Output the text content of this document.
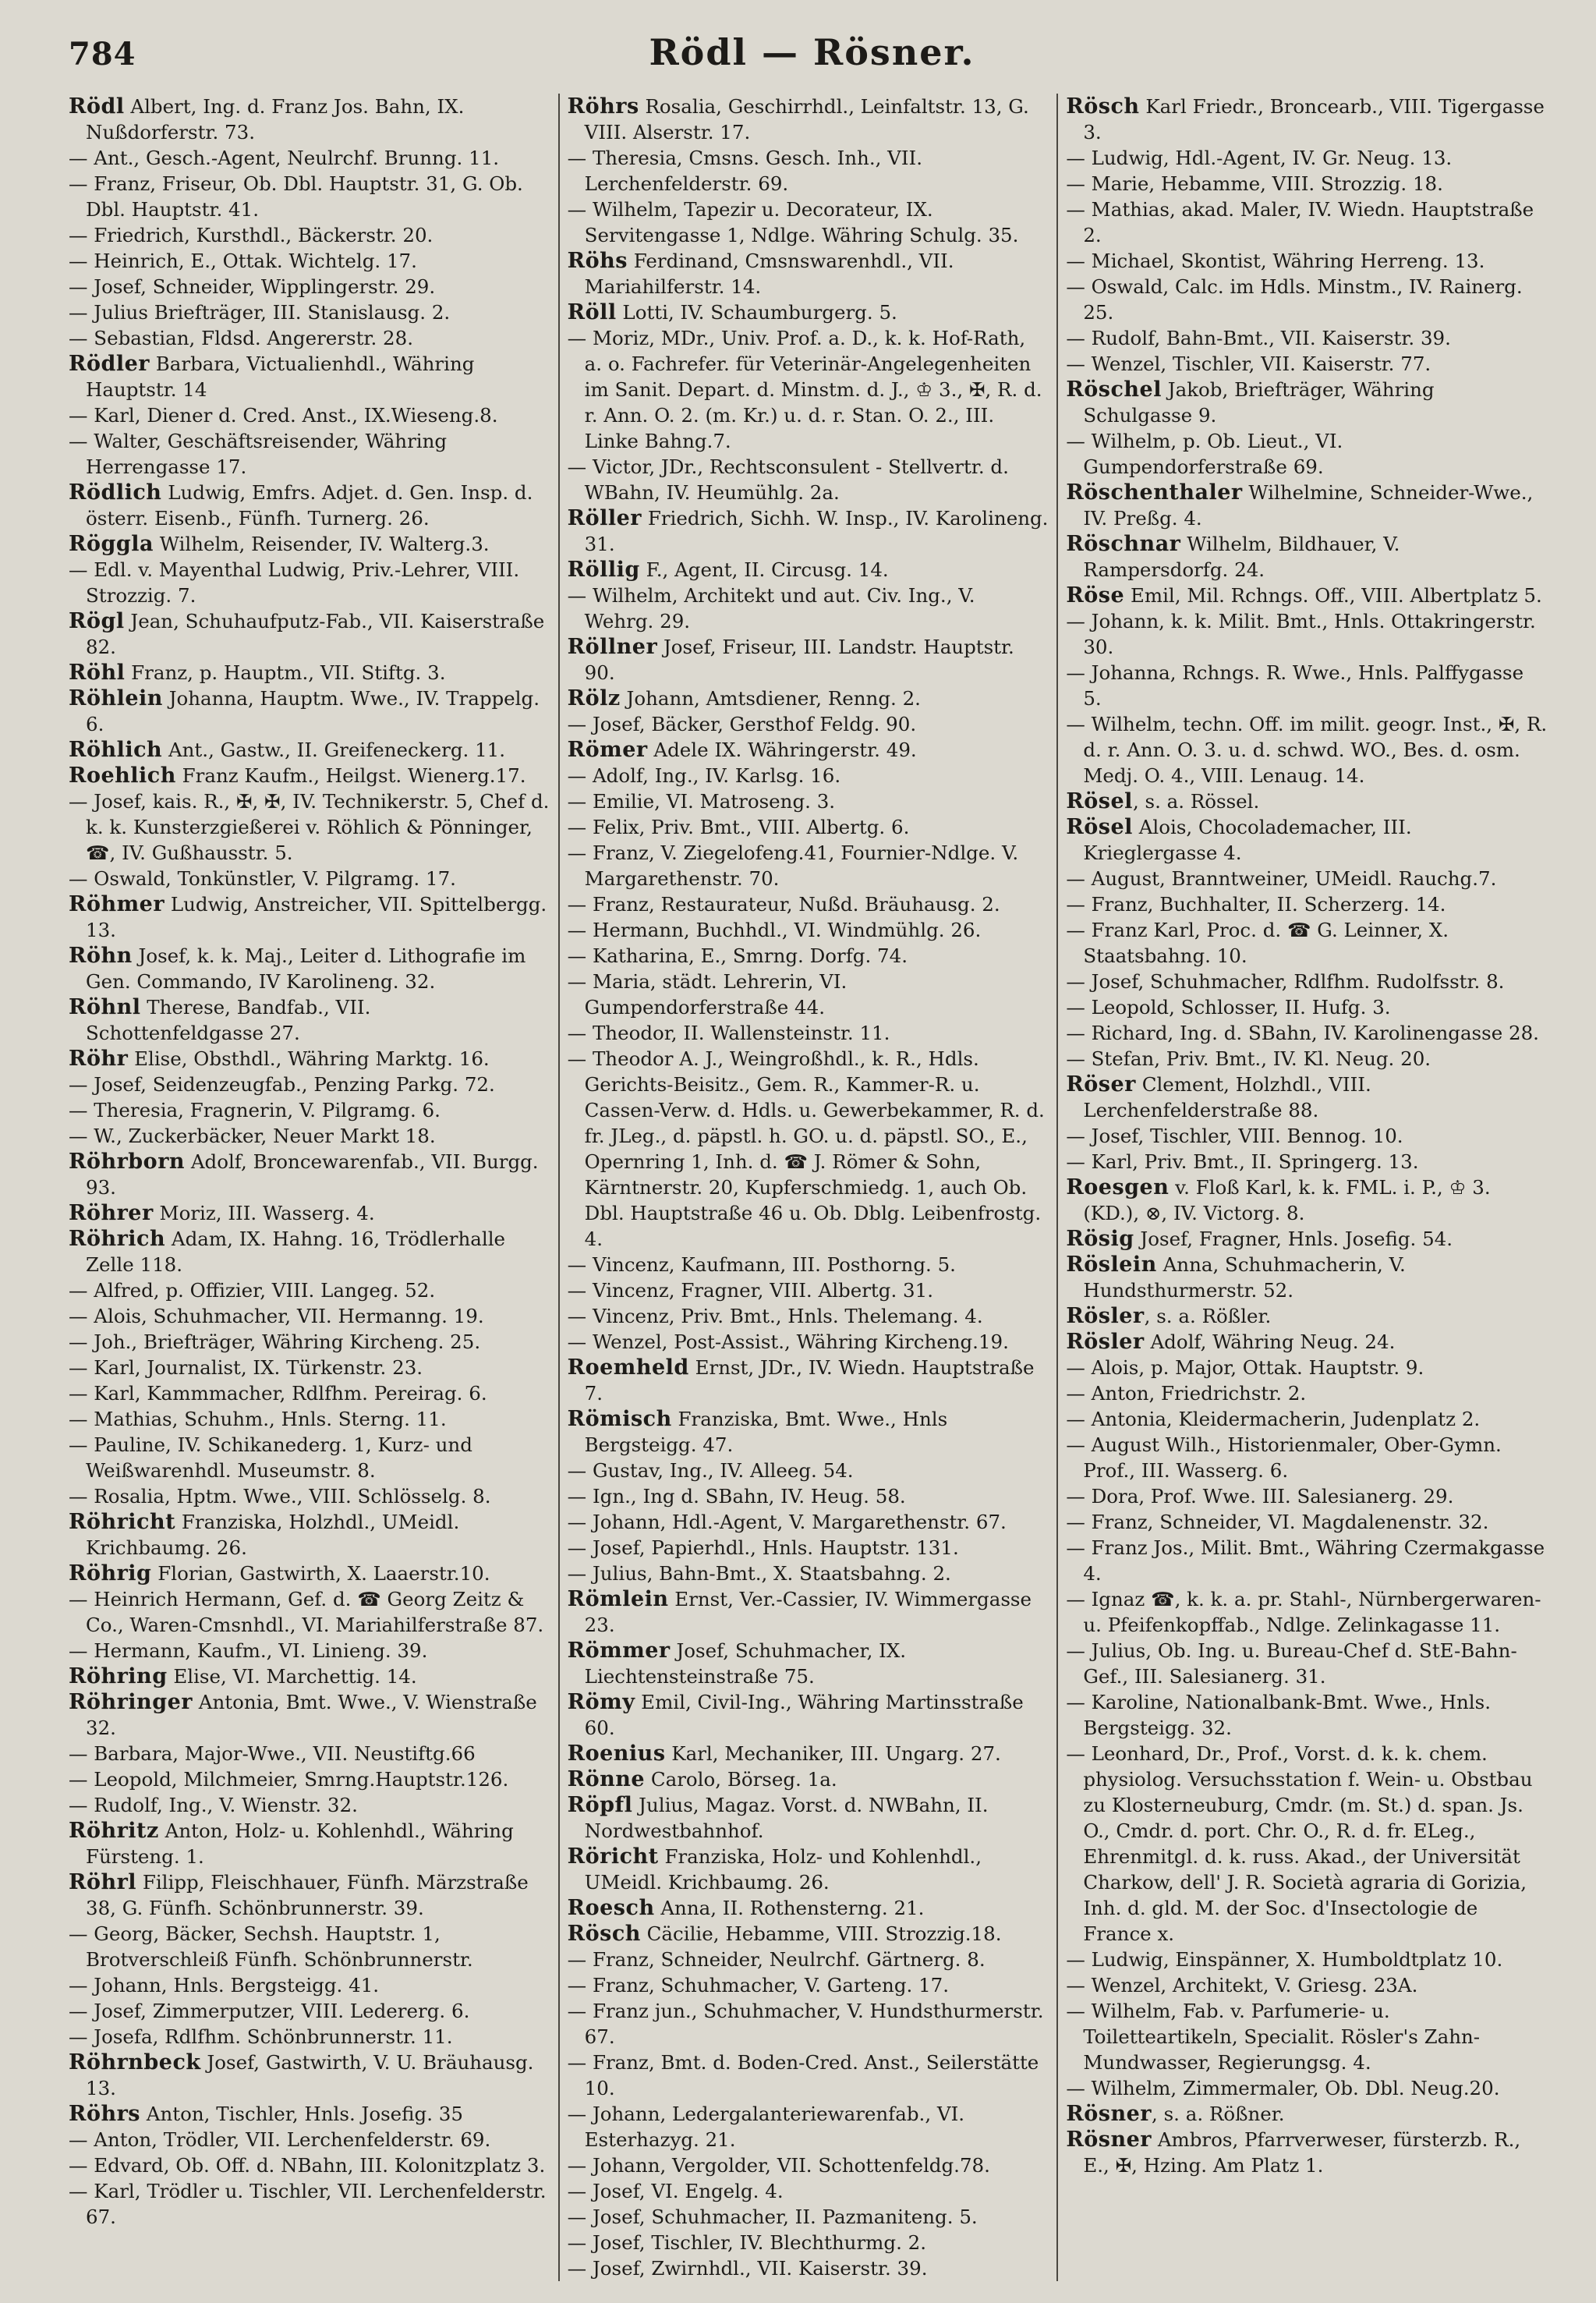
784	Rödl — Rösner.

Rödl Albert, Ing. d. Franz Jos. Bahn, IX. Nußdorferstr. 73.

— Ant., Gesch.-Agent, Neulrchf. Brunng. 11.

— Franz, Friseur, Ob. Dbl. Hauptstr. 31, G. Ob. Dbl. Hauptstr. 41.

— Friedrich, Kursthdl., Bäckerstr. 20.

— Heinrich, E., Ottak. Wichtelg. 17.

— Josef, Schneider, Wipplingerstr. 29.

— Julius Briefträger, III. Stanislausg. 2.

— Sebastian, Fldsd. Angererstr. 28.

Rödler Barbara, Victualienhdl., Währing Hauptstr. 14

— Karl, Diener d. Cred. Anst., IX.Wieseng.8.

— Walter, Geschäftsreisender, Währing Herrengasse 17.

Rödlich Ludwig, Emfrs. Adjet. d. Gen. Insp. d. österr. Eisenb., Fünfh. Turnerg. 26.

Röggla Wilhelm, Reisender, IV. Walterg.3.

— Edl. v. Mayenthal Ludwig, Priv.-Lehrer, VIII. Strozzig. 7.

Rögl Jean, Schuhaufputz-Fab., VII. Kaiserstraße 82.

Röhl Franz, p. Hauptm., VII. Stiftg. 3.

Röhlein Johanna, Hauptm. Wwe., IV. Trappelg. 6.

Röhlich Ant., Gastw., II. Greifeneckerg. 11.

Roehlich Franz Kaufm., Heilgst. Wienerg.17.

— Josef, kais. R., ✠, ✠, IV. Technikerstr. 5, Chef d. k. k. Kunsterzgießerei v. Röhlich & Pönninger, ☎, IV. Gußhausstr. 5.

— Oswald, Tonkünstler, V. Pilgramg. 17.

Röhmer Ludwig, Anstreicher, VII. Spittelbergg. 13.

Röhn Josef, k. k. Maj., Leiter d. Lithografie im Gen. Commando, IV Karolineng. 32.

Röhnl Therese, Bandfab., VII. Schottenfeldgasse 27.

Röhr Elise, Obsthdl., Währing Marktg. 16.

— Josef, Seidenzeugfab., Penzing Parkg. 72.

— Theresia, Fragnerin, V. Pilgramg. 6.

— W., Zuckerbäcker, Neuer Markt 18.

Röhrborn Adolf, Broncewarenfab., VII. Burgg. 93.

Röhrer Moriz, III. Wasserg. 4.

Röhrich Adam, IX. Hahng. 16, Trödlerhalle Zelle 118.

— Alfred, p. Offizier, VIII. Langeg. 52.

— Alois, Schuhmacher, VII. Hermanng. 19.

— Joh., Briefträger, Währing Kircheng. 25.

— Karl, Journalist, IX. Türkenstr. 23.

— Karl, Kammmacher, Rdlfhm. Pereirag. 6.

— Mathias, Schuhm., Hnls. Sterng. 11.

— Pauline, IV. Schikanederg. 1, Kurz- und Weißwarenhdl. Museumstr. 8.

— Rosalia, Hptm. Wwe., VIII. Schlösselg. 8.

Röhricht Franziska, Holzhdl., UMeidl. Krichbaumg. 26.

Röhrig Florian, Gastwirth, X. Laaerstr.10.

— Heinrich Hermann, Gef. d. ☎ Georg Zeitz & Co., Waren-Cmsnhdl., VI. Mariahilferstraße 87.

— Hermann, Kaufm., VI. Linieng. 39.

Röhring Elise, VI. Marchettig. 14.

Röhringer Antonia, Bmt. Wwe., V. Wienstraße 32.

— Barbara, Major-Wwe., VII. Neustiftg.66

— Leopold, Milchmeier, Smrng.Hauptstr.126.

— Rudolf, Ing., V. Wienstr. 32.

Röhritz Anton, Holz- u. Kohlenhdl., Währing Fürsteng. 1.

Röhrl Filipp, Fleischhauer, Fünfh. Märzstraße 38, G. Fünfh. Schönbrunnerstr. 39.

— Georg, Bäcker, Sechsh. Hauptstr. 1, Brotverschleiß Fünfh. Schönbrunnerstr.

— Johann, Hnls. Bergsteigg. 41.

— Josef, Zimmerputzer, VIII. Ledererg. 6.

— Josefa, Rdlfhm. Schönbrunnerstr. 11.

Röhrnbeck Josef, Gastwirth, V. U. Bräuhausg. 13.

Röhrs Anton, Tischler, Hnls. Josefig. 35

— Anton, Trödler, VII. Lerchenfelderstr. 69.

— Edvard, Ob. Off. d. NBahn, III. Kolonitzplatz 3.

— Karl, Trödler u. Tischler, VII. Lerchenfelderstr. 67.

Röhrs Rosalia, Geschirrhdl., Leinfaltstr. 13, G. VIII. Alserstr. 17.

— Theresia, Cmsns. Gesch. Inh., VII. Lerchenfelderstr. 69.

— Wilhelm, Tapezir u. Decorateur, IX. Servitengasse 1, Ndlge. Währing Schulg. 35.

Röhs Ferdinand, Cmsnswarenhdl., VII. Mariahilferstr. 14.

Röll Lotti, IV. Schaumburgerg. 5.

— Moriz, MDr., Univ. Prof. a. D., k. k. Hof-Rath, a. o. Fachrefer. für Veterinär-Angelegenheiten im Sanit. Depart. d. Minstm. d. J., ♔ 3., ✠, R. d. r. Ann. O. 2. (m. Kr.) u. d. r. Stan. O. 2., III. Linke Bahng.7.

— Victor, JDr., Rechtsconsulent - Stellvertr. d. WBahn, IV. Heumühlg. 2a.

Röller Friedrich, Sichh. W. Insp., IV. Karolineng. 31.

Röllig F., Agent, II. Circusg. 14.

— Wilhelm, Architekt und aut. Civ. Ing., V. Wehrg. 29.

Röllner Josef, Friseur, III. Landstr. Hauptstr. 90.

Rölz Johann, Amtsdiener, Renng. 2.

— Josef, Bäcker, Gersthof Feldg. 90.

Römer Adele IX. Währingerstr. 49.

— Adolf, Ing., IV. Karlsg. 16.

— Emilie, VI. Matroseng. 3.

— Felix, Priv. Bmt., VIII. Albertg. 6.

— Franz, V. Ziegelofeng.41, Fournier-Ndlge. V. Margarethenstr. 70.

— Franz, Restaurateur, Nußd. Bräuhausg. 2.

— Hermann, Buchhdl., VI. Windmühlg. 26.

— Katharina, E., Smrng. Dorfg. 74.

— Maria, städt. Lehrerin, VI. Gumpendorferstraße 44.

— Theodor, II. Wallensteinstr. 11.

— Theodor A. J., Weingroßhdl., k. R., Hdls. Gerichts-Beisitz., Gem. R., Kammer-R. u. Cassen-Verw. d. Hdls. u. Gewerbekammer, R. d. fr. JLeg., d. päpstl. h. GO. u. d. päpstl. SO., E., Opernring 1, Inh. d. ☎ J. Römer & Sohn, Kärntnerstr. 20, Kupferschmiedg. 1, auch Ob. Dbl. Hauptstraße 46 u. Ob. Dblg. Leibenfrostg. 4.

— Vincenz, Kaufmann, III. Posthorng. 5.

— Vincenz, Fragner, VIII. Albertg. 31.

— Vincenz, Priv. Bmt., Hnls. Thelemang. 4.

— Wenzel, Post-Assist., Währing Kircheng.19.

Roemheld Ernst, JDr., IV. Wiedn. Hauptstraße 7.

Römisch Franziska, Bmt. Wwe., Hnls Bergsteigg. 47.

— Gustav, Ing., IV. Alleeg. 54.

— Ign., Ing d. SBahn, IV. Heug. 58.

— Johann, Hdl.-Agent, V. Margarethenstr. 67.

— Josef, Papierhdl., Hnls. Hauptstr. 131.

— Julius, Bahn-Bmt., X. Staatsbahng. 2.

Römlein Ernst, Ver.-Cassier, IV. Wimmergasse 23.

Römmer Josef, Schuhmacher, IX. Liechtensteinstraße 75.

Römy Emil, Civil-Ing., Währing Martinsstraße 60.

Roenius Karl, Mechaniker, III. Ungarg. 27.

Rönne Carolo, Börseg. 1a.

Röpfl Julius, Magaz. Vorst. d. NWBahn, II. Nordwestbahnhof.

Röricht Franziska, Holz- und Kohlenhdl., UMeidl. Krichbaumg. 26.

Roesch Anna, II. Rothensterng. 21.

Rösch Cäcilie, Hebamme, VIII. Strozzig.18.

— Franz, Schneider, Neulrchf. Gärtnerg. 8.

— Franz, Schuhmacher, V. Garteng. 17.

— Franz jun., Schuhmacher, V. Hundsthurmerstr. 67.

— Franz, Bmt. d. Boden-Cred. Anst., Seilerstätte 10.

— Johann, Ledergalanteriewarenfab., VI. Esterhazyg. 21.

— Johann, Vergolder, VII. Schottenfeldg.78.

— Josef, VI. Engelg. 4.

— Josef, Schuhmacher, II. Pazmaniteng. 5.

— Josef, Tischler, IV. Blechthurmg. 2.

— Josef, Zwirnhdl., VII. Kaiserstr. 39.

Rösch Karl Friedr., Broncearb., VIII. Tigergasse 3.

— Ludwig, Hdl.-Agent, IV. Gr. Neug. 13.

— Marie, Hebamme, VIII. Strozzig. 18.

— Mathias, akad. Maler, IV. Wiedn. Hauptstraße 2.

— Michael, Skontist, Währing Herreng. 13.

— Oswald, Calc. im Hdls. Minstm., IV. Rainerg. 25.

— Rudolf, Bahn-Bmt., VII. Kaiserstr. 39.

— Wenzel, Tischler, VII. Kaiserstr. 77.

Röschel Jakob, Briefträger, Währing Schulgasse 9.

— Wilhelm, p. Ob. Lieut., VI. Gumpendorferstraße 69.

Röschenthaler Wilhelmine, Schneider-Wwe., IV. Preßg. 4.

Röschnar Wilhelm, Bildhauer, V. Rampersdorfg. 24.

Röse Emil, Mil. Rchngs. Off., VIII. Albertplatz 5.

— Johann, k. k. Milit. Bmt., Hnls. Ottakringerstr. 30.

— Johanna, Rchngs. R. Wwe., Hnls. Palffygasse 5.

— Wilhelm, techn. Off. im milit. geogr. Inst., ✠, R. d. r. Ann. O. 3. u. d. schwd. WO., Bes. d. osm. Medj. O. 4., VIII. Lenaug. 14.

Rösel, s. a. Rössel.

Rösel Alois, Chocolademacher, III. Krieglergasse 4.

— August, Branntweiner, UMeidl. Rauchg.7.

— Franz, Buchhalter, II. Scherzerg. 14.

— Franz Karl, Proc. d. ☎ G. Leinner, X. Staatsbahng. 10.

— Josef, Schuhmacher, Rdlfhm. Rudolfsstr. 8.

— Leopold, Schlosser, II. Hufg. 3.

— Richard, Ing. d. SBahn, IV. Karolinengasse 28.

— Stefan, Priv. Bmt., IV. Kl. Neug. 20.

Röser Clement, Holzhdl., VIII. Lerchenfelderstraße 88.

— Josef, Tischler, VIII. Bennog. 10.

— Karl, Priv. Bmt., II. Springerg. 13.

Roesgen v. Floß Karl, k. k. FML. i. P., ♔ 3. (KD.), ⊗, IV. Victorg. 8.

Rösig Josef, Fragner, Hnls. Josefig. 54.

Röslein Anna, Schuhmacherin, V. Hundsthurmerstr. 52.

Rösler, s. a. Rößler.

Rösler Adolf, Währing Neug. 24.

— Alois, p. Major, Ottak. Hauptstr. 9.

— Anton, Friedrichstr. 2.

— Antonia, Kleidermacherin, Judenplatz 2.

— August Wilh., Historienmaler, Ober-Gymn. Prof., III. Wasserg. 6.

— Dora, Prof. Wwe. III. Salesianerg. 29.

— Franz, Schneider, VI. Magdalenenstr. 32.

— Franz Jos., Milit. Bmt., Währing Czermakgasse 4.

— Ignaz ☎, k. k. a. pr. Stahl-, Nürnbergerwaren- u. Pfeifenkopffab., Ndlge. Zelinkagasse 11.

— Julius, Ob. Ing. u. Bureau-Chef d. StE-Bahn-Gef., III. Salesianerg. 31.

— Karoline, Nationalbank-Bmt. Wwe., Hnls. Bergsteigg. 32.

— Leonhard, Dr., Prof., Vorst. d. k. k. chem. physiolog. Versuchsstation f. Wein- u. Obstbau zu Klosterneuburg, Cmdr. (m. St.) d. span. Js. O., Cmdr. d. port. Chr. O., R. d. fr. ELeg., Ehrenmitgl. d. k. russ. Akad., der Universität Charkow, dell' J. R. Società agraria di Gorizia, Inh. d. gld. M. der Soc. d'Insectologie de France x.

— Ludwig, Einspänner, X. Humboldtplatz 10.

— Wenzel, Architekt, V. Griesg. 23A.

— Wilhelm, Fab. v. Parfumerie- u. Toiletteartikeln, Specialit. Rösler's Zahn-Mundwasser, Regierungsg. 4.

— Wilhelm, Zimmermaler, Ob. Dbl. Neug.20.

Rösner, s. a. Rößner.

Rösner Ambros, Pfarrverweser, fürsterzb. R., E., ✠, Hzing. Am Platz 1.
